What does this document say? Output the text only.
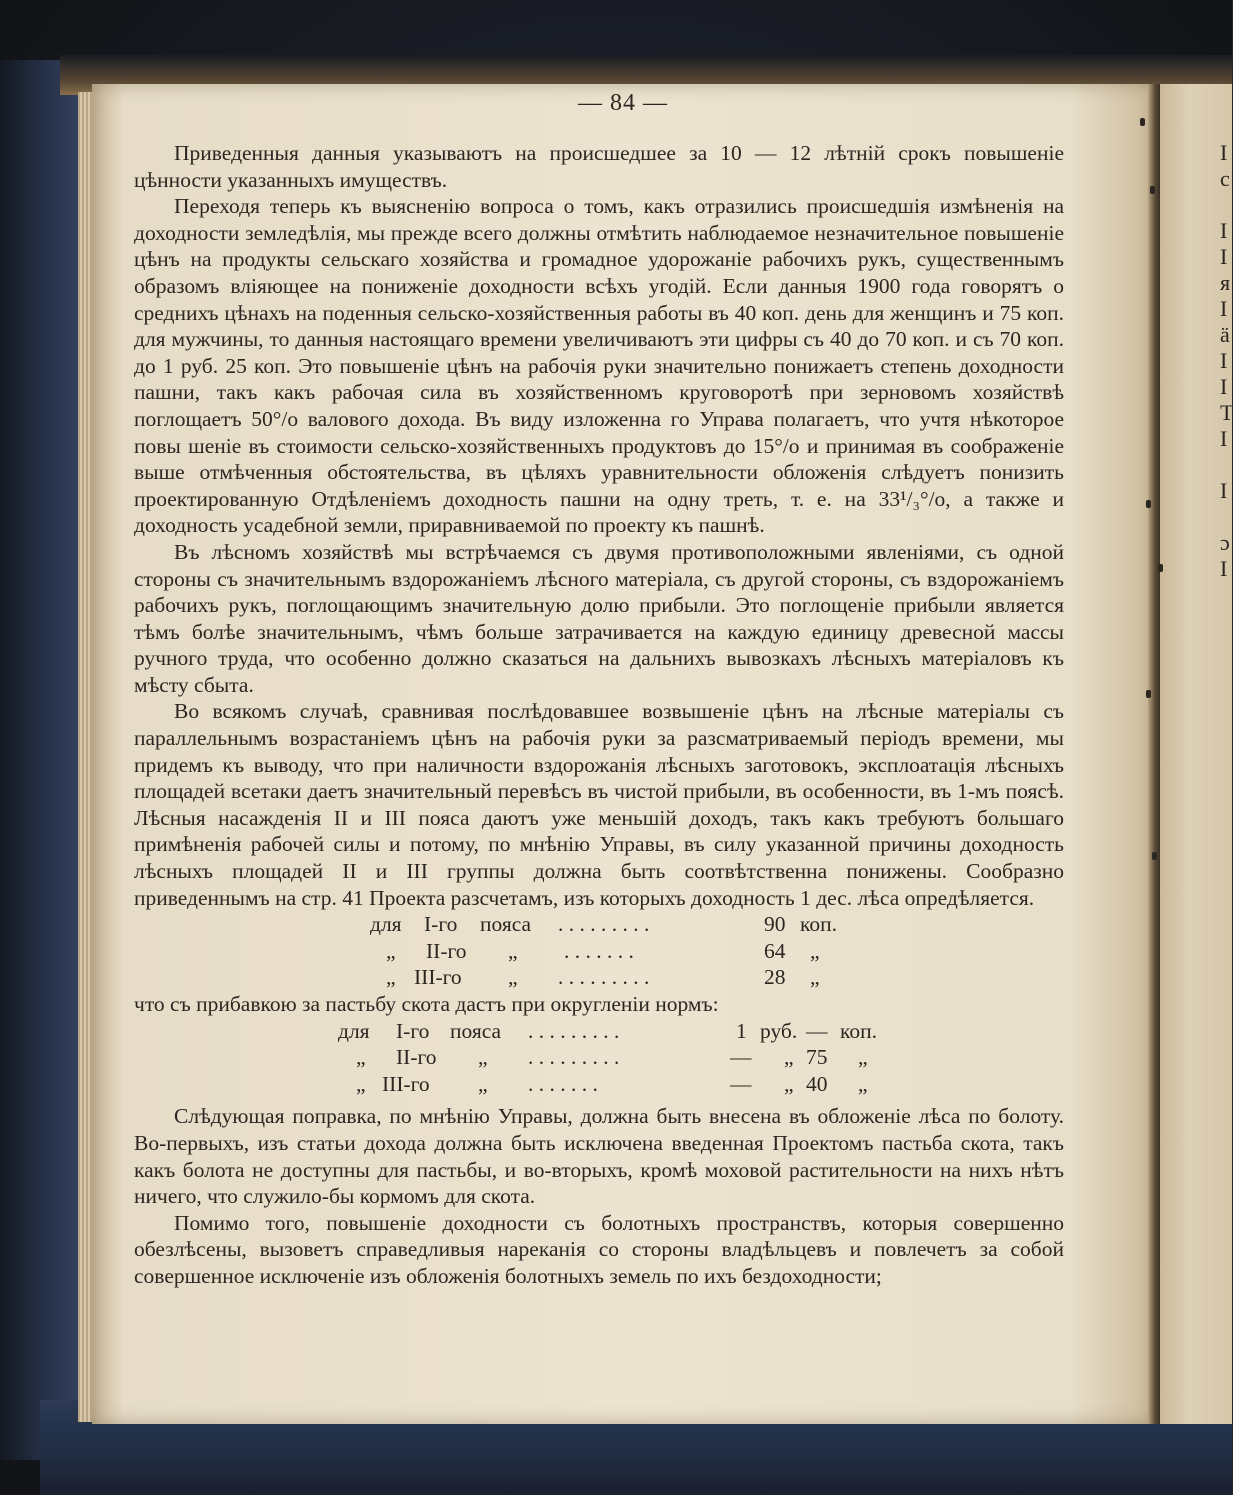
I
c
I
I
я
I
ä
I
I
T
I
I
ɔ
I
— 84 —

Приведенныя данныя указываютъ на происшедшее за 10 — 12 лѣтній срокъ повышеніе цѣнности указанныхъ имуществъ.

Переходя теперь къ выясненію вопроса о томъ, какъ отразились происшедшія измѣненія на доходности земледѣлія, мы прежде всего должны отмѣтить наблюдаемое незначительное повышеніе цѣнъ на продукты сельскаго хозяйства и громадное удорожаніе рабочихъ рукъ, существеннымъ образомъ вліяющее на пониженіе доходности всѣхъ угодій. Если данныя 1900 года говорятъ о среднихъ цѣнахъ на поденныя сельско-хозяйственныя работы въ 40 коп. день для женщинъ и 75 коп. для мужчины, то данныя настоящаго времени увеличиваютъ эти цифры съ 40 до 70 коп. и съ 70 коп. до 1 руб. 25 коп. Это повышеніе цѣнъ на рабочія руки значительно понижаетъ степень доходности пашни, такъ какъ рабочая сила въ хозяйственномъ круговоротѣ при зерновомъ хозяйствѣ поглощаетъ 50°/о валового дохода. Въ виду изложенна го Управа полагаетъ, что учтя нѣкоторое повы шеніе въ стоимости сельско-хозяйственныхъ продуктовъ до 15°/о и принимая въ соображеніе выше отмѣченныя обстоятельства, въ цѣляхъ уравнительности обложенія слѣдуетъ понизить проектированную Отдѣленіемъ доходность пашни на одну треть, т. е. на 33¹/₃°/о, а также и доходность усадебной земли, приравниваемой по проекту къ пашнѣ.

Въ лѣсномъ хозяйствѣ мы встрѣчаемся съ двумя противоположными явленіями, съ одной стороны съ значительнымъ вздорожаніемъ лѣсного матеріала, съ другой стороны, съ вздорожаніемъ рабочихъ рукъ, поглощающимъ значительную долю прибыли. Это поглощеніе прибыли является тѣмъ болѣе значительнымъ, чѣмъ больше затрачивается на каждую единицу древесной массы ручного труда, что особенно должно сказаться на дальнихъ вывозкахъ лѣсныхъ матеріаловъ къ мѣсту сбыта.

Во всякомъ случаѣ, сравнивая послѣдовавшее возвышеніе цѣнъ на лѣсные матеріалы съ параллельнымъ возрастаніемъ цѣнъ на рабочія руки за разсматриваемый періодъ времени, мы придемъ къ выводу, что при наличности вздорожанія лѣсныхъ заготовокъ, эксплоатація лѣсныхъ площадей всетаки даетъ значительный перевѣсъ въ чистой прибыли, въ особенности, въ 1-мъ поясѣ. Лѣсныя насажденія II и III пояса даютъ уже меньшій доходъ, такъ какъ требуютъ большаго примѣненія рабочей силы и потому, по мнѣнію Управы, въ силу указанной причины доходность лѣсныхъ площадей II и III группы должна быть соотвѣтственна понижены. Сообразно приведеннымъ на стр. 41 Проекта разсчетамъ, изъ которыхъ доходность 1 дес. лѣса опредѣляется.

для I-го пояса . . . . . . . . .	90 коп.
„ II-го „ . . . . . . .	64 „
„ III-го „ . . . . . . . . .	28 „

что съ прибавкою за пастьбу скота дастъ при округленіи нормъ:

для I-го пояса . . . . . . . . .	1 руб. — коп.
„ II-го „ . . . . . . . . .	— „ 75 „
„ III-го „ . . . . . . .	— „ 40 „

Слѣдующая поправка, по мнѣнію Управы, должна быть внесена въ обложеніе лѣса по болоту. Во-первыхъ, изъ статьи дохода должна быть исключена введенная Проектомъ пастьба скота, такъ какъ болота не доступны для пастьбы, и во-вторыхъ, кромѣ моховой растительности на нихъ нѣтъ ничего, что служило-бы кормомъ для скота.

Помимо того, повышеніе доходности съ болотныхъ пространствъ, которыя совершенно обезлѣсены, вызоветъ справедливыя нареканія со стороны владѣльцевъ и повлечетъ за собой совершенное исключеніе изъ обложенія болотныхъ земель по ихъ бездоходности;
